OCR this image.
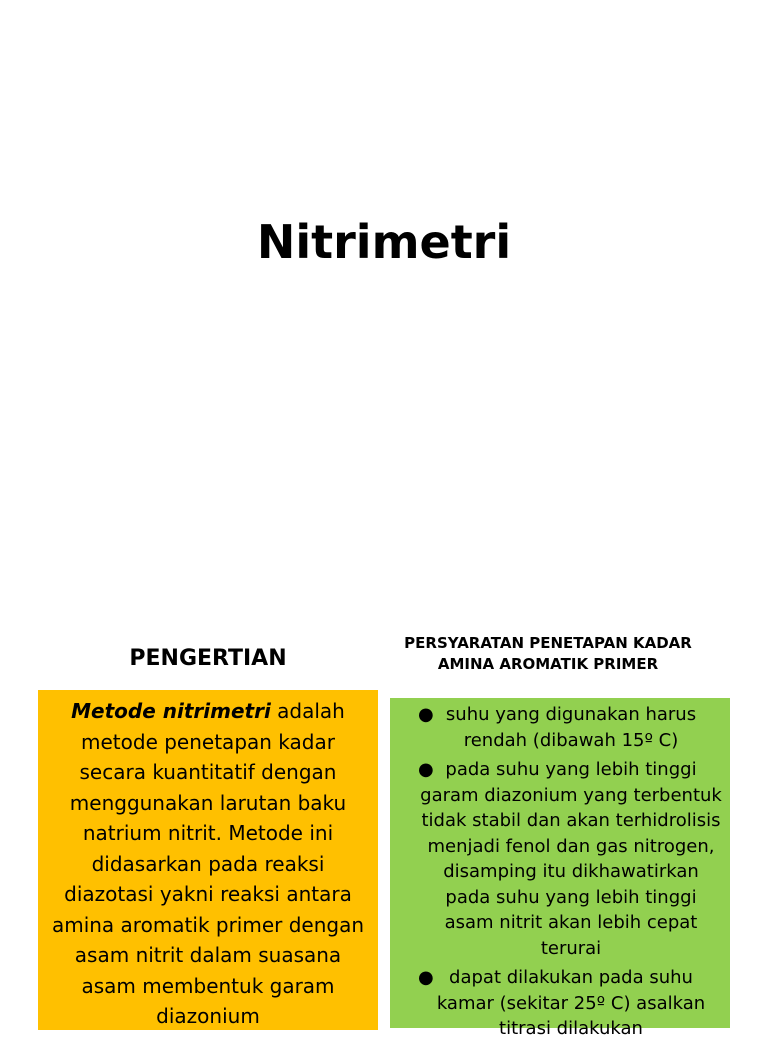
Nitrimetri
PENGERTIAN
PERSYARATAN PENETAPAN KADAR AMINA AROMATIK PRIMER

Metode nitrimetri adalah metode penetapan kadar secara kuantitatif dengan menggunakan larutan baku natrium nitrit. Metode ini didasarkan pada reaksi diazotasi yakni reaksi antara amina aromatik primer dengan asam nitrit dalam suasana asam membentuk garam diazonium

● suhu yang digunakan harus rendah (dibawah 15º C)
● pada suhu yang lebih tinggi garam diazonium yang terbentuk tidak stabil dan akan terhidrolisis menjadi fenol dan gas nitrogen, disamping itu dikhawatirkan pada suhu yang lebih tinggi asam nitrit akan lebih cepat terurai
● dapat dilakukan pada suhu kamar (sekitar 25º C) asalkan titrasi dilakukan
